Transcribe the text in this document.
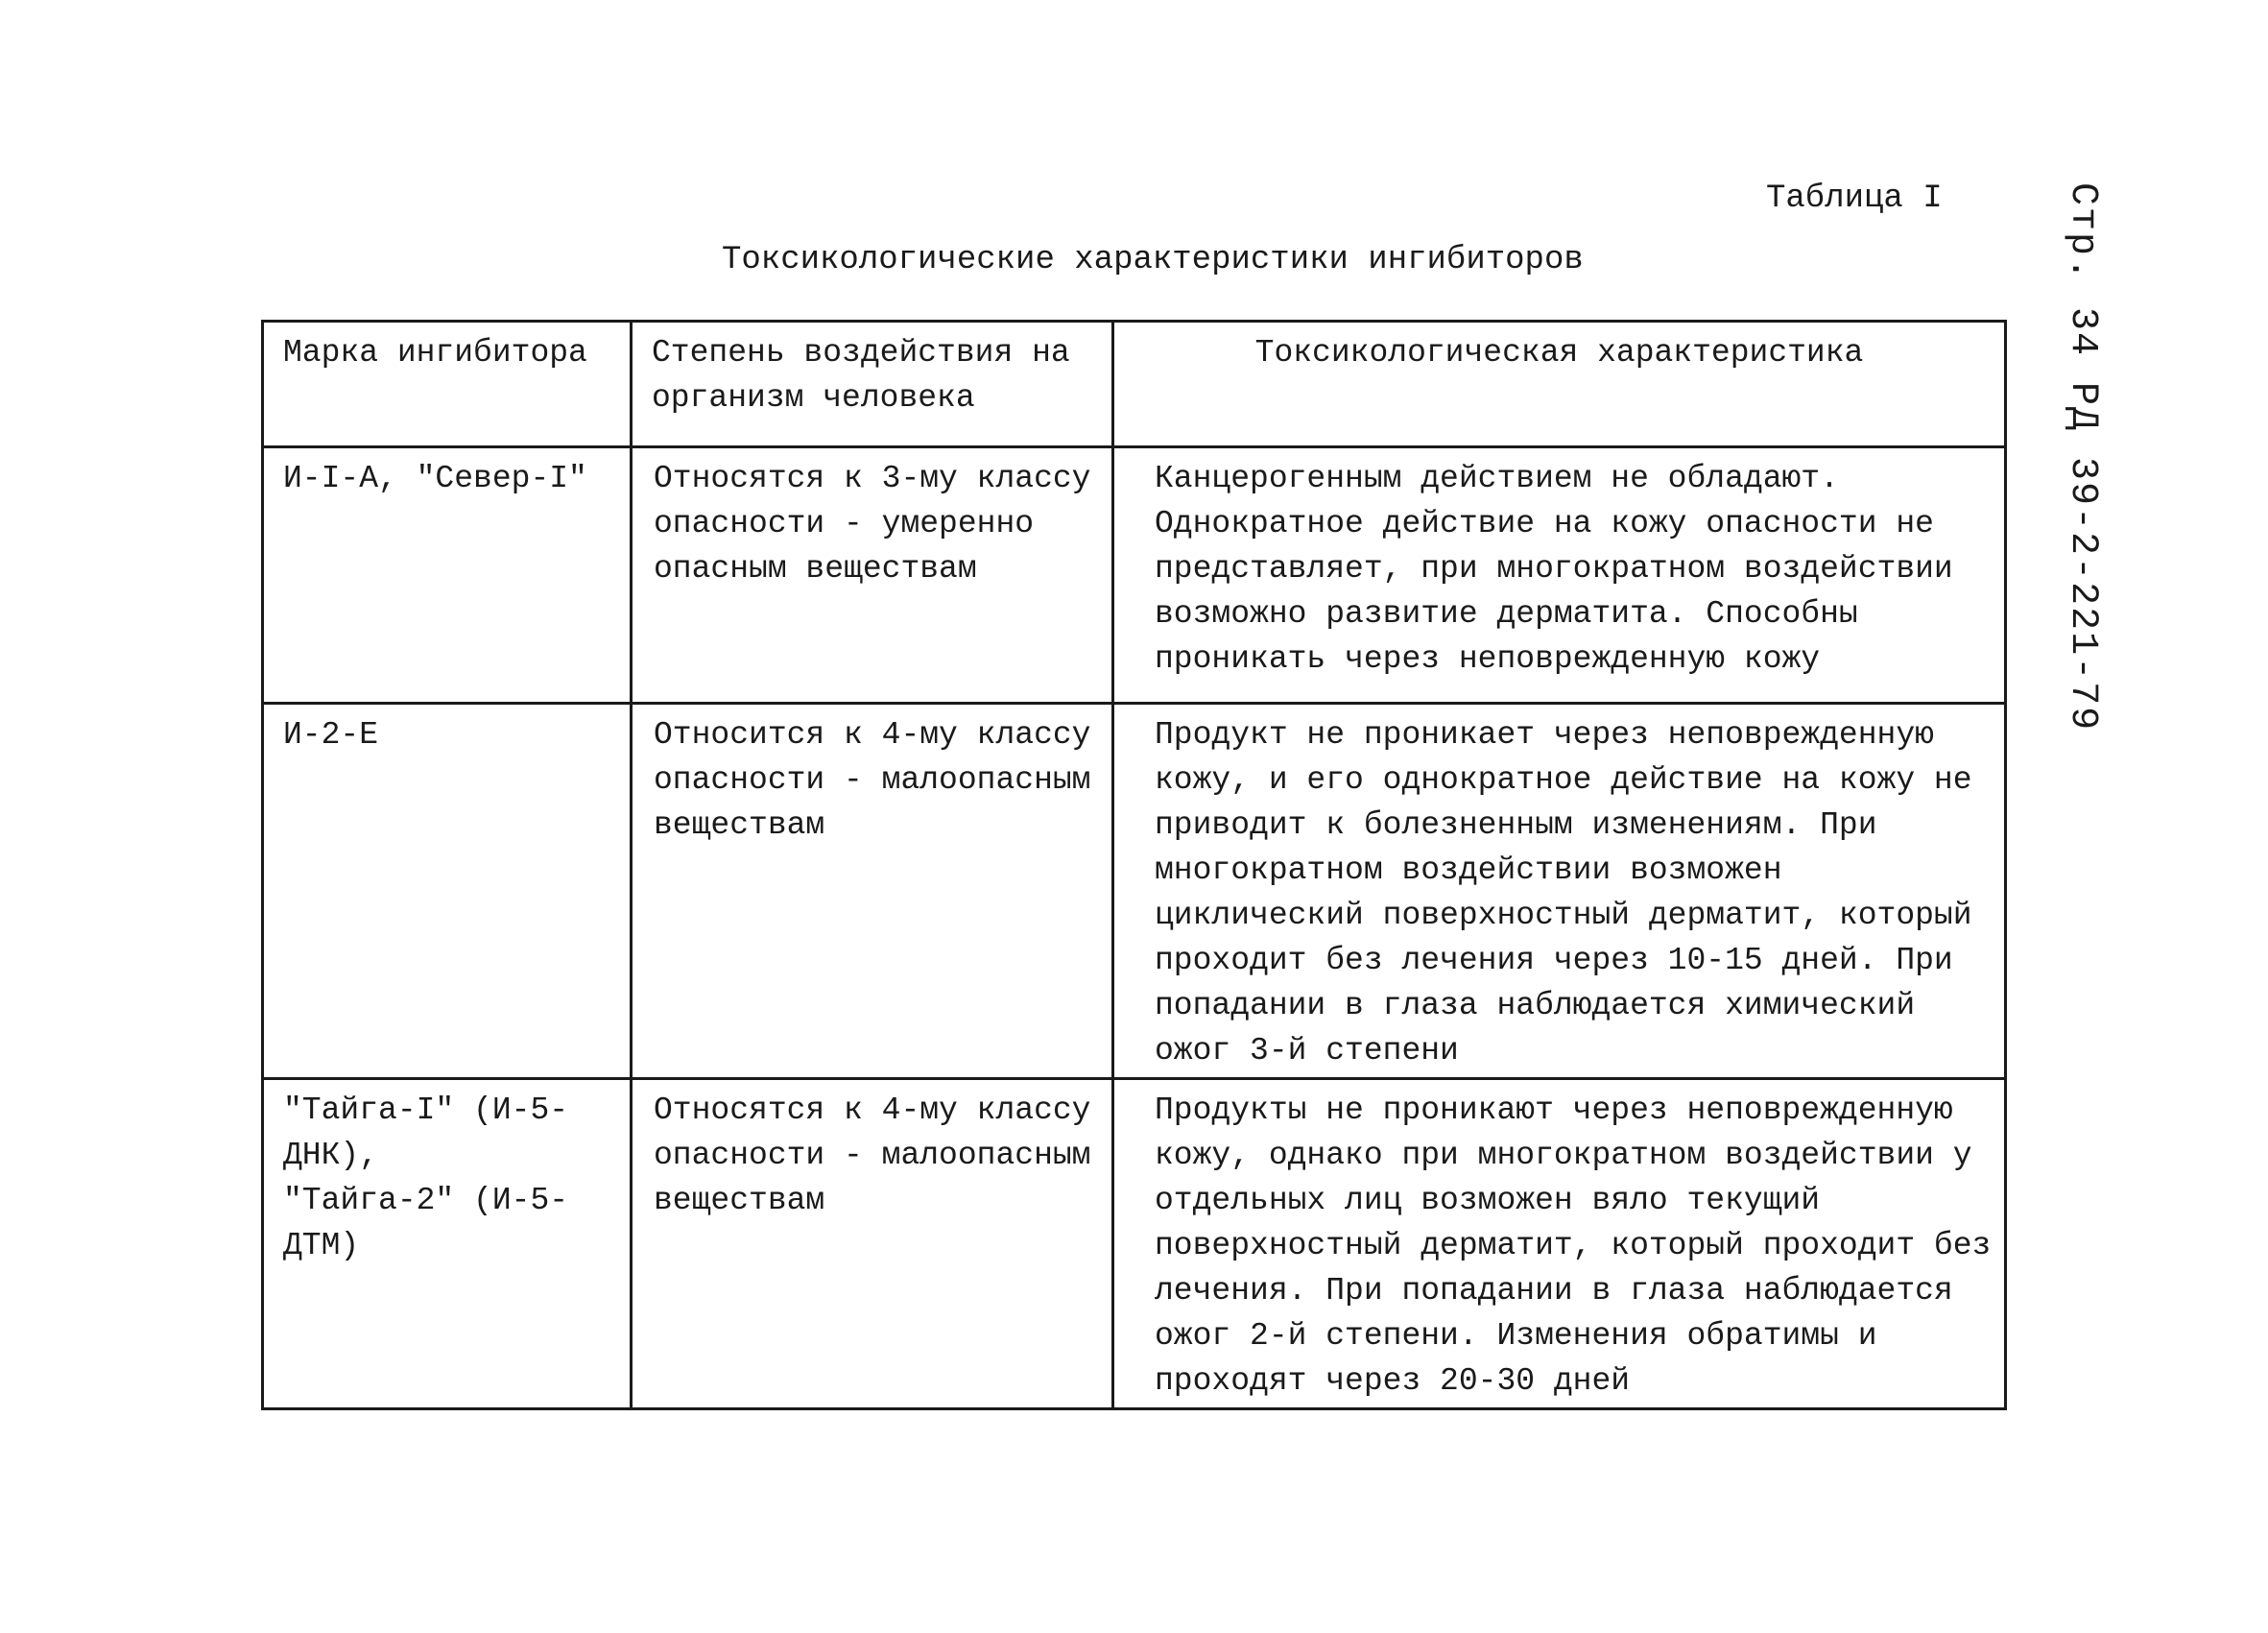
Таблица I	Стр. 34 РД 39-2-221-79
Токсикологические характеристики ингибиторов
Марка ингибитора	Степень воздействия на организм человека	Токсикологическая характеристика

И-I-А, "Север-I"	Относятся к 3-му классу опасности - умеренно опасным веществам	Канцерогенным действием не обладают. Однократное действие на кожу опасности не представляет, при многократном воздействии возможно развитие дерматита. Способны проникать через неповрежденную кожу

И-2-Е	Относится к 4-му классу опасности - малоопасным веществам	Продукт не проникает через неповрежденную кожу, и его однократное действие на кожу не приводит к болезненным изменениям. При многократном воздействии возможен циклический поверхностный дерматит, который проходит без лечения через 10-15 дней. При попадании в глаза наблюдается химический ожог 3-й степени

"Тайга-I" (И-5-ДНК),
"Тайга-2" (И-5-ДТМ)	Относятся к 4-му классу опасности - малоопасным веществам	Продукты не проникают через неповрежденную кожу, однако при многократном воздействии у отдельных лиц возможен вяло текущий поверхностный дерматит, который проходит без лечения. При попадании в глаза наблюдается ожог 2-й степени. Изменения обратимы и проходят через 20-30 дней
